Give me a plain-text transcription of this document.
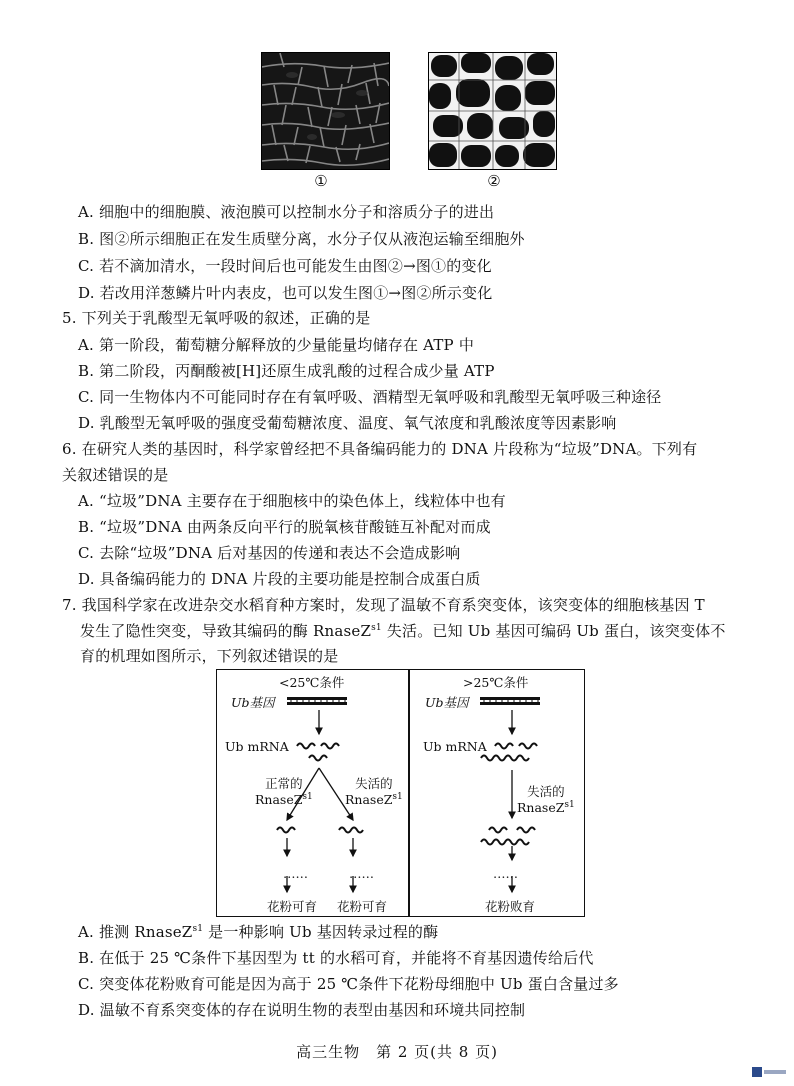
①	②
A. 细胞中的细胞膜、液泡膜可以控制水分子和溶质分子的进出
B. 图②所示细胞正在发生质壁分离，水分子仅从液泡运输至细胞外
C. 若不滴加清水，一段时间后也可能发生由图②→图①的变化
D. 若改用洋葱鳞片叶内表皮，也可以发生图①→图②所示变化
5. 下列关于乳酸型无氧呼吸的叙述，正确的是
A. 第一阶段，葡萄糖分解释放的少量能量均储存在 ATP 中
B. 第二阶段，丙酮酸被[H]还原生成乳酸的过程合成少量 ATP
C. 同一生物体内不可能同时存在有氧呼吸、酒精型无氧呼吸和乳酸型无氧呼吸三种途径
D. 乳酸型无氧呼吸的强度受葡萄糖浓度、温度、氧气浓度和乳酸浓度等因素影响
6. 在研究人类的基因时，科学家曾经把不具备编码能力的 DNA 片段称为“垃圾”DNA。下列有
关叙述错误的是
A. “垃圾”DNA 主要存在于细胞核中的染色体上，线粒体中也有
B. “垃圾”DNA 由两条反向平行的脱氧核苷酸链互补配对而成
C. 去除“垃圾”DNA 后对基因的传递和表达不会造成影响
D. 具备编码能力的 DNA 片段的主要功能是控制合成蛋白质
7. 我国科学家在改进杂交水稻育种方案时，发现了温敏不育系突变体，该突变体的细胞核基因 T
发生了隐性突变，导致其编码的酶 RnaseZ$^{s1}$ 失活。已知 Ub 基因可编码 Ub 蛋白，该突变体不
育的机理如图所示，下列叙述错误的是
<25℃条件
Ub基因
Ub mRNA
正常的
RnaseZ$^{s1}$
失活的
RnaseZ$^{s1}$
……	……
花粉可育 花粉可育
>25℃条件
Ub基因
Ub mRNA
失活的
RnaseZ$^{s1}$
……
花粉败育
A. 推测 RnaseZ$^{s1}$ 是一种影响 Ub 基因转录过程的酶
B. 在低于 25 ℃条件下基因型为 tt 的水稻可育，并能将不育基因遗传给后代
C. 突变体花粉败育可能是因为高于 25 ℃条件下花粉母细胞中 Ub 蛋白含量过多
D. 温敏不育系突变体的存在说明生物的表型由基因和环境共同控制
高三生物　第 2 页(共 8 页)
